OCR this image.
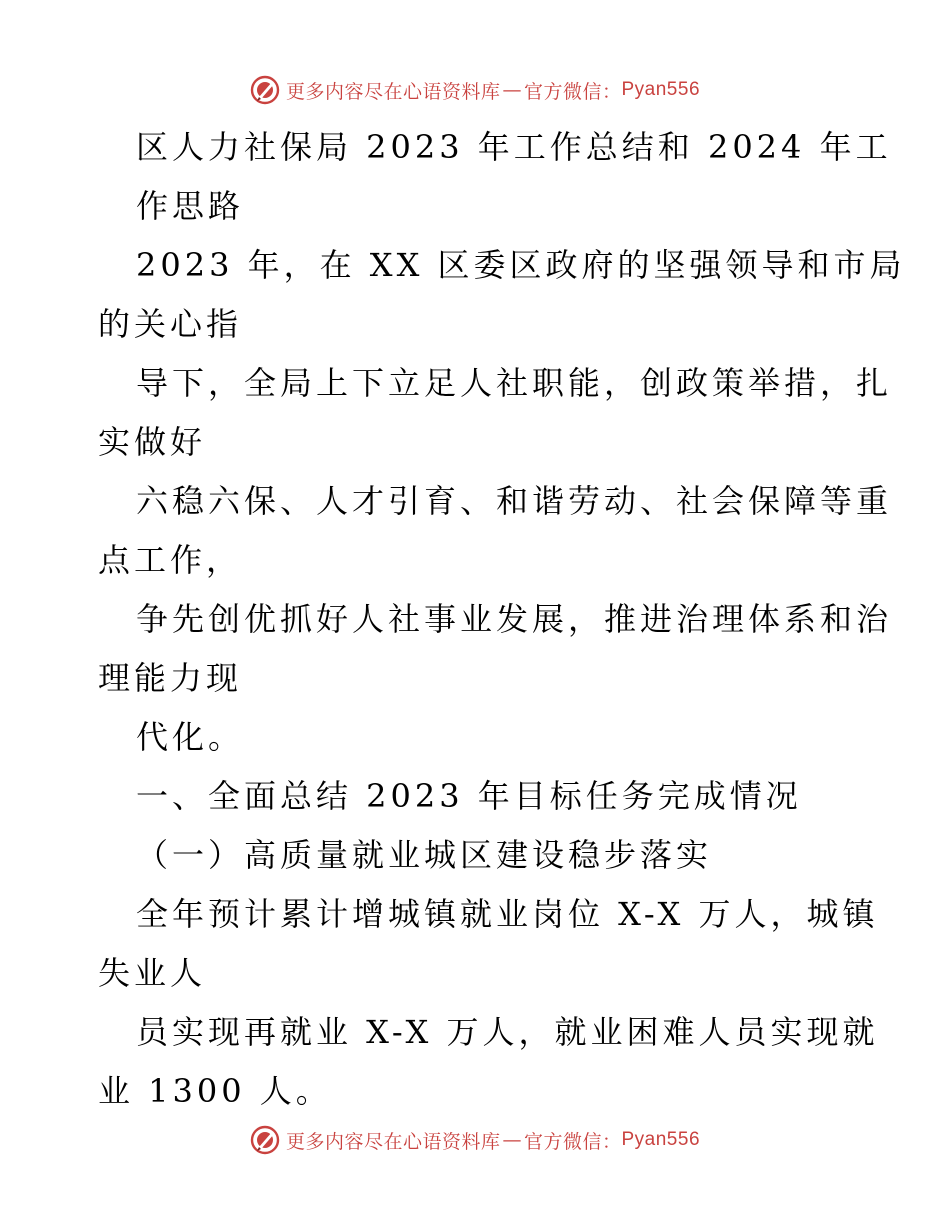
更多内容尽在心语资料库 — 官方微信： Pyan556
区人力社保局 2023 年工作总结和 2024 年工
作思路
2023 年，在 XX 区委区政府的坚强领导和市局
的关心指
导下，全局上下立足人社职能，创政策举措，扎
实做好
六稳六保、人才引育、和谐劳动、社会保障等重
点工作，
争先创优抓好人社事业发展，推进治理体系和治
理能力现
代化。
一、全面总结 2023 年目标任务完成情况
（一）高质量就业城区建设稳步落实
全年预计累计增城镇就业岗位 X-X 万人，城镇
失业人
员实现再就业 X-X 万人，就业困难人员实现就
业 1300 人。
更多内容尽在心语资料库 — 官方微信： Pyan556
